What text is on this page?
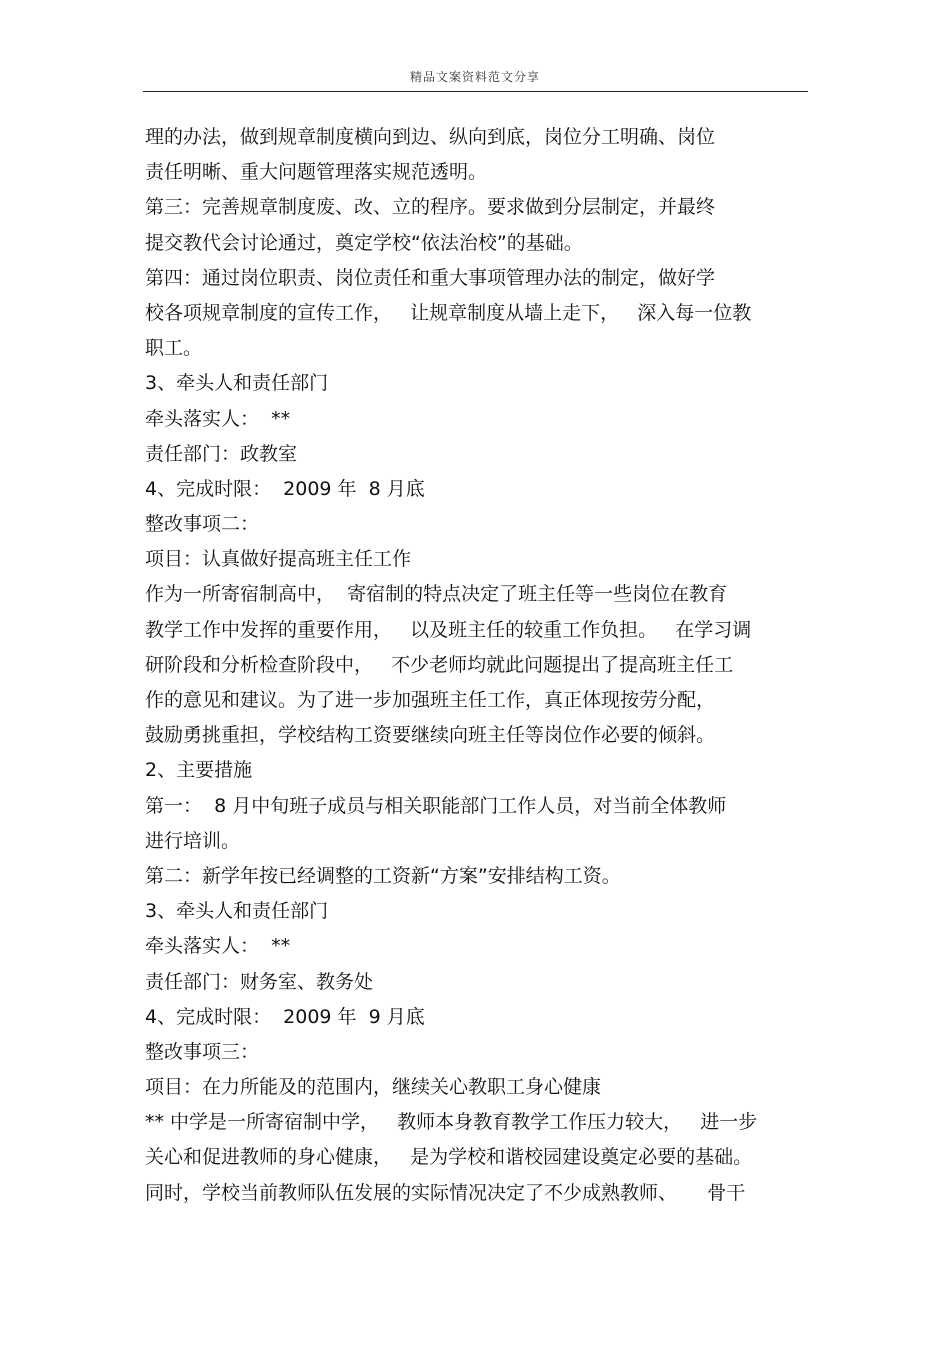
精品文案资料范文分享
理的办法，做到规章制度横向到边、纵向到底，岗位分工明确、岗位
责任明晰、重大问题管理落实规范透明。
第三：完善规章制度废、改、立的程序。要求做到分层制定，并最终
提交教代会讨论通过，奠定学校“依法治校”的基础。
第四：通过岗位职责、岗位责任和重大事项管理办法的制定，做好学
校各项规章制度的宣传工作，   让规章制度从墙上走下，   深入每一位教
职工。
3、牵头人和责任部门
牵头落实人：  **
责任部门：政教室
4、完成时限：  2009 年  8 月底
整改事项二：
项目：认真做好提高班主任工作
作为一所寄宿制高中，  寄宿制的特点决定了班主任等一些岗位在教育
教学工作中发挥的重要作用，   以及班主任的较重工作负担。   在学习调
研阶段和分析检查阶段中，   不少老师均就此问题提出了提高班主任工
作的意见和建议。为了进一步加强班主任工作，真正体现按劳分配，
鼓励勇挑重担，学校结构工资要继续向班主任等岗位作必要的倾斜。
2、主要措施
第一：  8 月中旬班子成员与相关职能部门工作人员，对当前全体教师
进行培训。
第二：新学年按已经调整的工资新“方案”安排结构工资。
3、牵头人和责任部门
牵头落实人：  **
责任部门：财务室、教务处
4、完成时限：  2009 年  9 月底
整改事项三：
项目：在力所能及的范围内，继续关心教职工身心健康
** 中学是一所寄宿制中学，   教师本身教育教学工作压力较大，   进一步
关心和促进教师的身心健康，   是为学校和谐校园建设奠定必要的基础。
同时，学校当前教师队伍发展的实际情况决定了不少成熟教师、     骨干
